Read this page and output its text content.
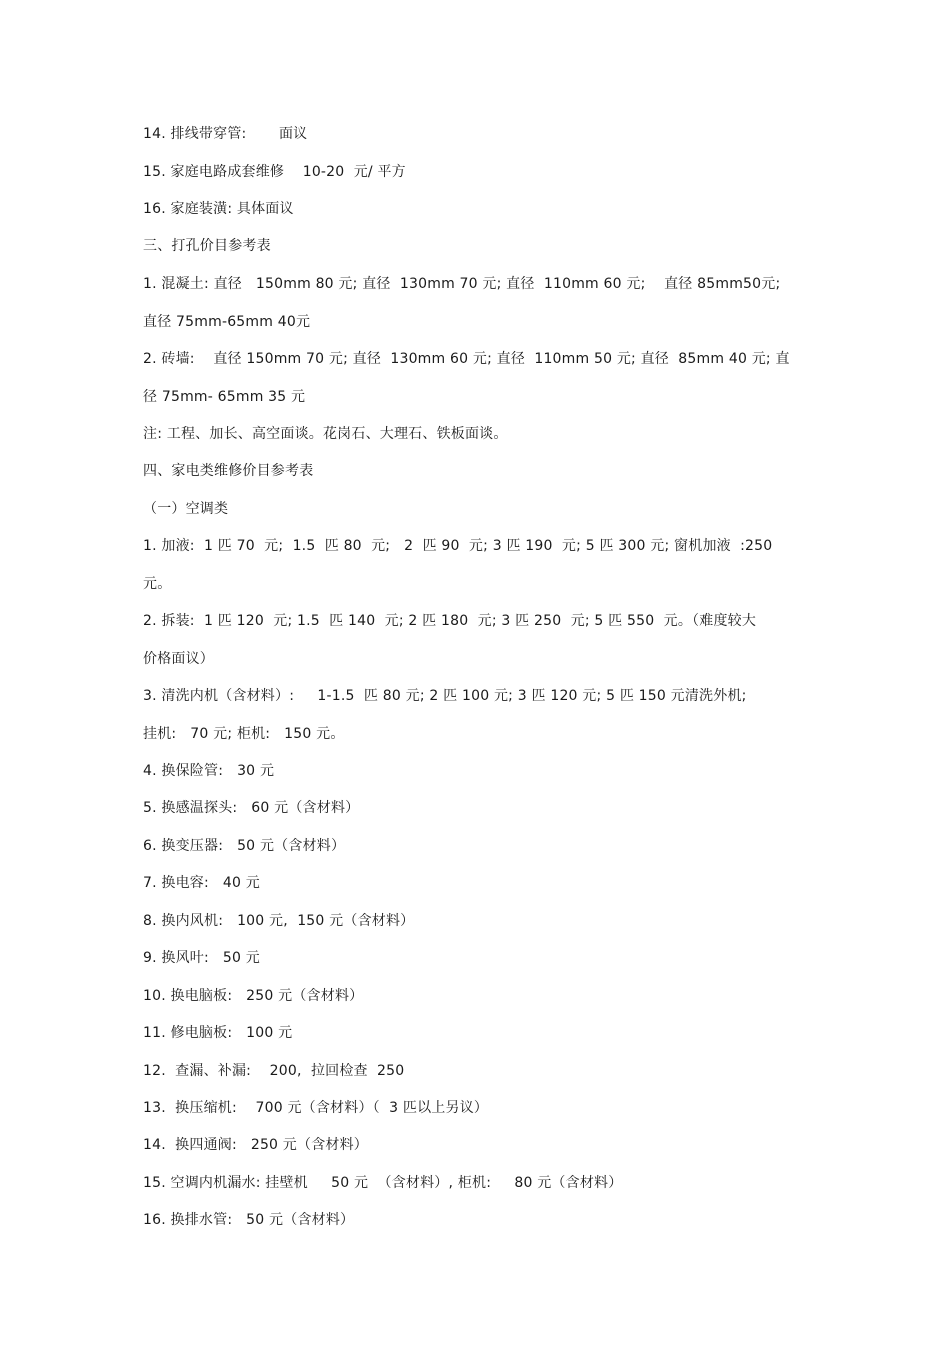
14. 排线带穿管:       面议
15. 家庭电路成套维修    10-20  元/ 平方
16. 家庭装潢: 具体面议
三、打孔价目参考表
1. 混凝土: 直径   150mm 80 元; 直径  130mm 70 元; 直径  110mm 60 元;    直径 85mm50元;
直径 75mm-65mm 40元
2. 砖墙:    直径 150mm 70 元; 直径  130mm 60 元; 直径  110mm 50 元; 直径  85mm 40 元; 直
径 75mm- 65mm 35 元
注: 工程、加长、高空面谈。花岗石、大理石、铁板面谈。
四、家电类维修价目参考表
（一）空调类
1. 加液:  1 匹 70  元;  1.5  匹 80  元;   2  匹 90  元; 3 匹 190  元; 5 匹 300 元; 窗机加液  :250
元。
2. 拆装:  1 匹 120  元; 1.5  匹 140  元; 2 匹 180  元; 3 匹 250  元; 5 匹 550  元。（难度较大
价格面议）
3. 清洗内机（含材料）:     1-1.5  匹 80 元; 2 匹 100 元; 3 匹 120 元; 5 匹 150 元清洗外机;
挂机:   70 元; 柜机:   150 元。
4. 换保险管:   30 元
5. 换感温探头:   60 元（含材料）
6. 换变压器:   50 元（含材料）
7. 换电容:   40 元
8. 换内风机:   100 元,  150 元（含材料）
9. 换风叶:   50 元
10. 换电脑板:   250 元（含材料）
11. 修电脑板:   100 元
12.  查漏、补漏:    200,  拉回检查  250
13.  换压缩机:    700 元（含材料）（  3 匹以上另议）
14.  换四通阀:   250 元（含材料）
15. 空调内机漏水: 挂壁机     50 元  （含材料）, 柜机:     80 元（含材料）
16. 换排水管:   50 元（含材料）
